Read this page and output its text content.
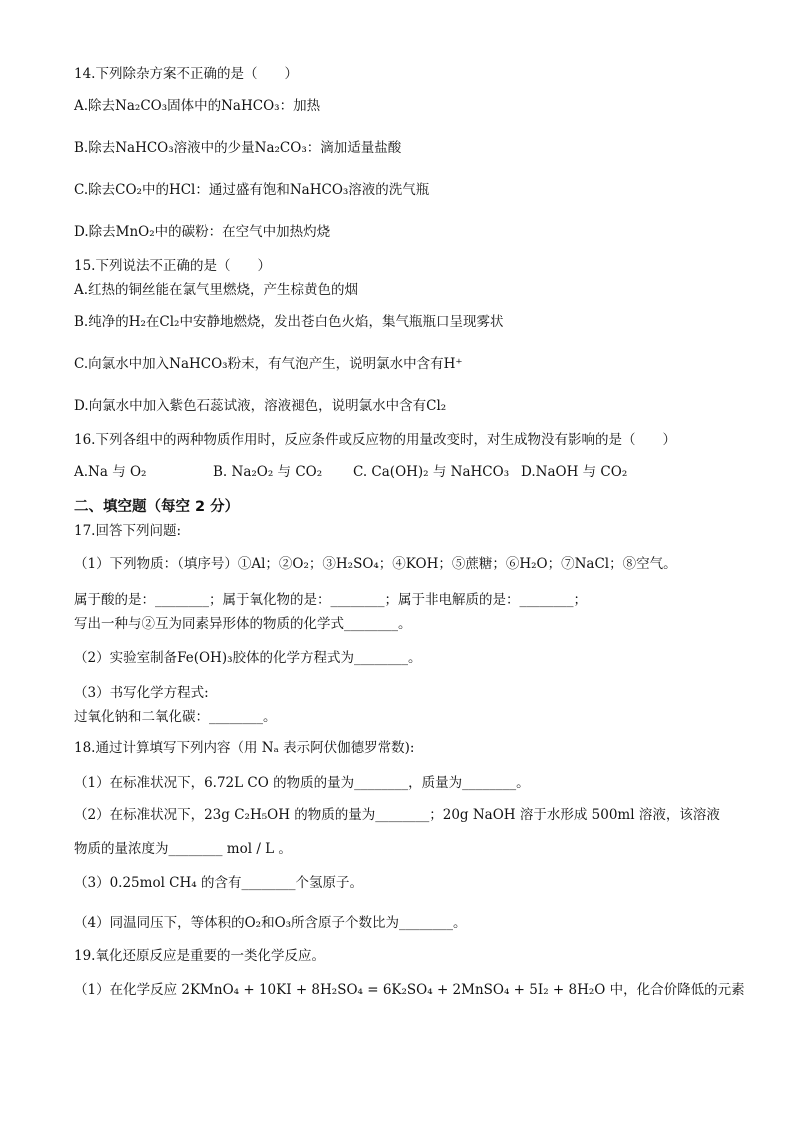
14.下列除杂方案不正确的是（　　）
A.除去Na₂CO₃固体中的NaHCO₃：加热
B.除去NaHCO₃溶液中的少量Na₂CO₃：滴加适量盐酸
C.除去CO₂中的HCl：通过盛有饱和NaHCO₃溶液的洗气瓶
D.除去MnO₂中的碳粉：在空气中加热灼烧
15.下列说法不正确的是（　　）
A.红热的铜丝能在氯气里燃烧，产生棕黄色的烟
B.纯净的H₂在Cl₂中安静地燃烧，发出苍白色火焰，集气瓶瓶口呈现雾状
C.向氯水中加入NaHCO₃粉末，有气泡产生，说明氯水中含有H⁺
D.向氯水中加入紫色石蕊试液，溶液褪色，说明氯水中含有Cl₂
16.下列各组中的两种物质作用时，反应条件或反应物的用量改变时，对生成物没有影响的是（　　）
A.Na 与 O₂	B. Na₂O₂ 与 CO₂ C. Ca(OH)₂ 与 NaHCO₃ D.NaOH 与 CO₂
二、填空题（每空 2 分）
17.回答下列问题:
（1）下列物质：（填序号）①Al；②O₂；③H₂SO₄；④KOH；⑤蔗糖；⑥H₂O；⑦NaCl；⑧空气。
属于酸的是：________；属于氧化物的是：________；属于非电解质的是：________；
写出一种与②互为同素异形体的物质的化学式________。
（2）实验室制备Fe(OH)₃胶体的化学方程式为________。
（3）书写化学方程式:
过氧化钠和二氧化碳：________。
18.通过计算填写下列内容（用 Nₐ 表示阿伏伽德罗常数):
（1）在标准状况下，6.72L CO 的物质的量为________，质量为________。
（2）在标准状况下，23g C₂H₅OH 的物质的量为________；20g NaOH 溶于水形成 500ml 溶液，该溶液
物质的量浓度为________ mol / L 。
（3）0.25mol CH₄ 的含有________个氢原子。
（4）同温同压下，等体积的O₂和O₃所含原子个数比为________。
19.氧化还原反应是重要的一类化学反应。
（1）在化学反应 2KMnO₄ + 10KI + 8H₂SO₄ = 6K₂SO₄ + 2MnSO₄ + 5I₂ + 8H₂O 中，化合价降低的元素
